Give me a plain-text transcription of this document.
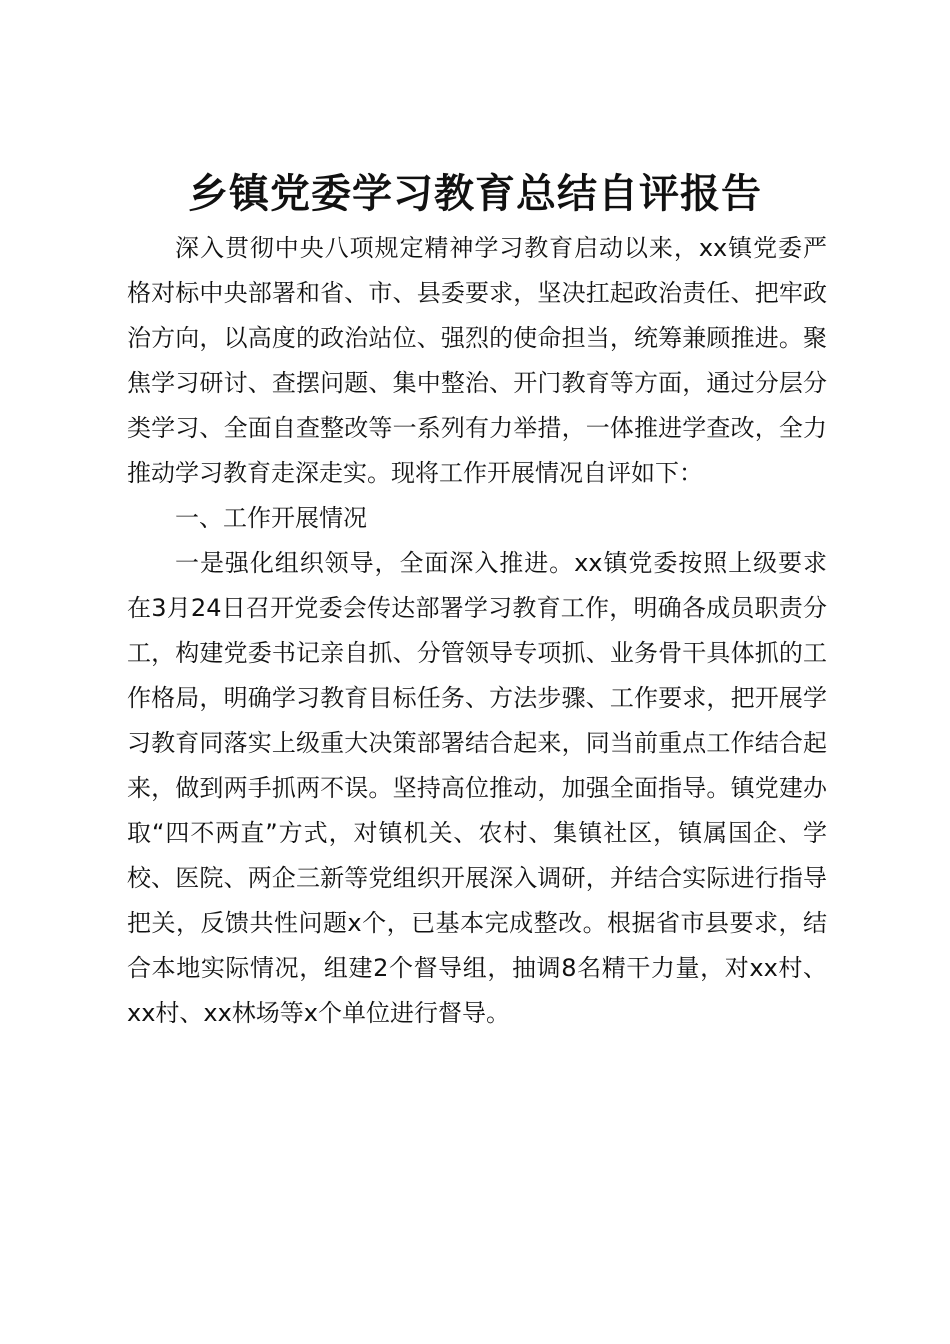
乡镇党委学习教育总结自评报告

深入贯彻中央八项规定精神学习教育启动以来，xx镇党委严格对标中央部署和省、市、县委要求，坚决扛起政治责任、把牢政治方向，以高度的政治站位、强烈的使命担当，统筹兼顾推进。聚焦学习研讨、查摆问题、集中整治、开门教育等方面，通过分层分类学习、全面自查整改等一系列有力举措，一体推进学查改，全力推动学习教育走深走实。现将工作开展情况自评如下：

一、工作开展情况

一是强化组织领导，全面深入推进。xx镇党委按照上级要求在3月24日召开党委会传达部署学习教育工作，明确各成员职责分工，构建党委书记亲自抓、分管领导专项抓、业务骨干具体抓的工作格局，明确学习教育目标任务、方法步骤、工作要求，把开展学习教育同落实上级重大决策部署结合起来，同当前重点工作结合起来，做到两手抓两不误。坚持高位推动，加强全面指导。镇党建办取“四不两直”方式，对镇机关、农村、集镇社区，镇属国企、学校、医院、两企三新等党组织开展深入调研，并结合实际进行指导把关，反馈共性问题x个，已基本完成整改。根据省市县要求，结合本地实际情况，组建2个督导组，抽调8名精干力量，对xx村、xx村、xx林场等x个单位进行督导。
